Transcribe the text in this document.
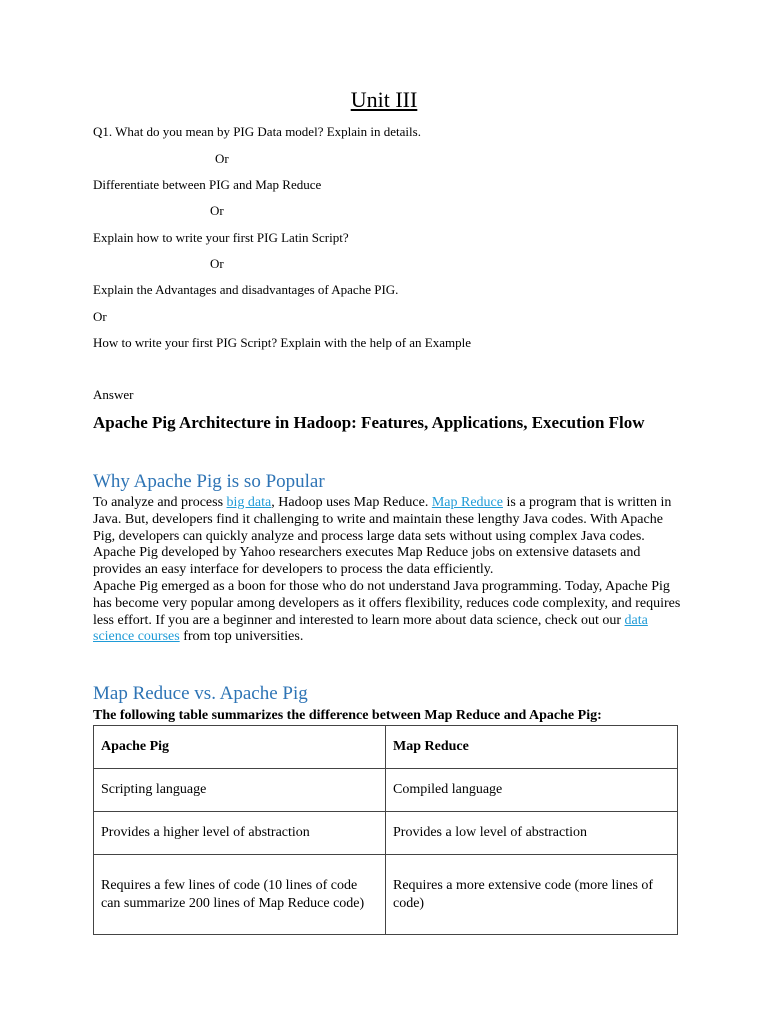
Unit III
Q1. What do you mean by PIG Data model? Explain in details.
Or
Differentiate between PIG and Map Reduce
Or
Explain how to write your first PIG Latin Script?
Or
Explain the Advantages and disadvantages of Apache PIG.
Or
How to write your first PIG Script? Explain with the help of an Example
Answer
Apache Pig Architecture in Hadoop: Features, Applications, Execution Flow
Why Apache Pig is so Popular
To analyze and process big data, Hadoop uses Map Reduce. Map Reduce is a program that is written in Java. But, developers find it challenging to write and maintain these lengthy Java codes. With Apache Pig, developers can quickly analyze and process large data sets without using complex Java codes. Apache Pig developed by Yahoo researchers executes Map Reduce jobs on extensive datasets and provides an easy interface for developers to process the data efficiently.
Apache Pig emerged as a boon for those who do not understand Java programming. Today, Apache Pig has become very popular among developers as it offers flexibility, reduces code complexity, and requires less effort. If you are a beginner and interested to learn more about data science, check out our data science courses from top universities.
Map Reduce vs. Apache Pig
The following table summarizes the difference between Map Reduce and Apache Pig:
Apache Pig	Map Reduce
Scripting language	Compiled language
Provides a higher level of abstraction	Provides a low level of abstraction
Requires a few lines of code (10 lines of code can summarize 200 lines of Map Reduce code)	Requires a more extensive code (more lines of code)
